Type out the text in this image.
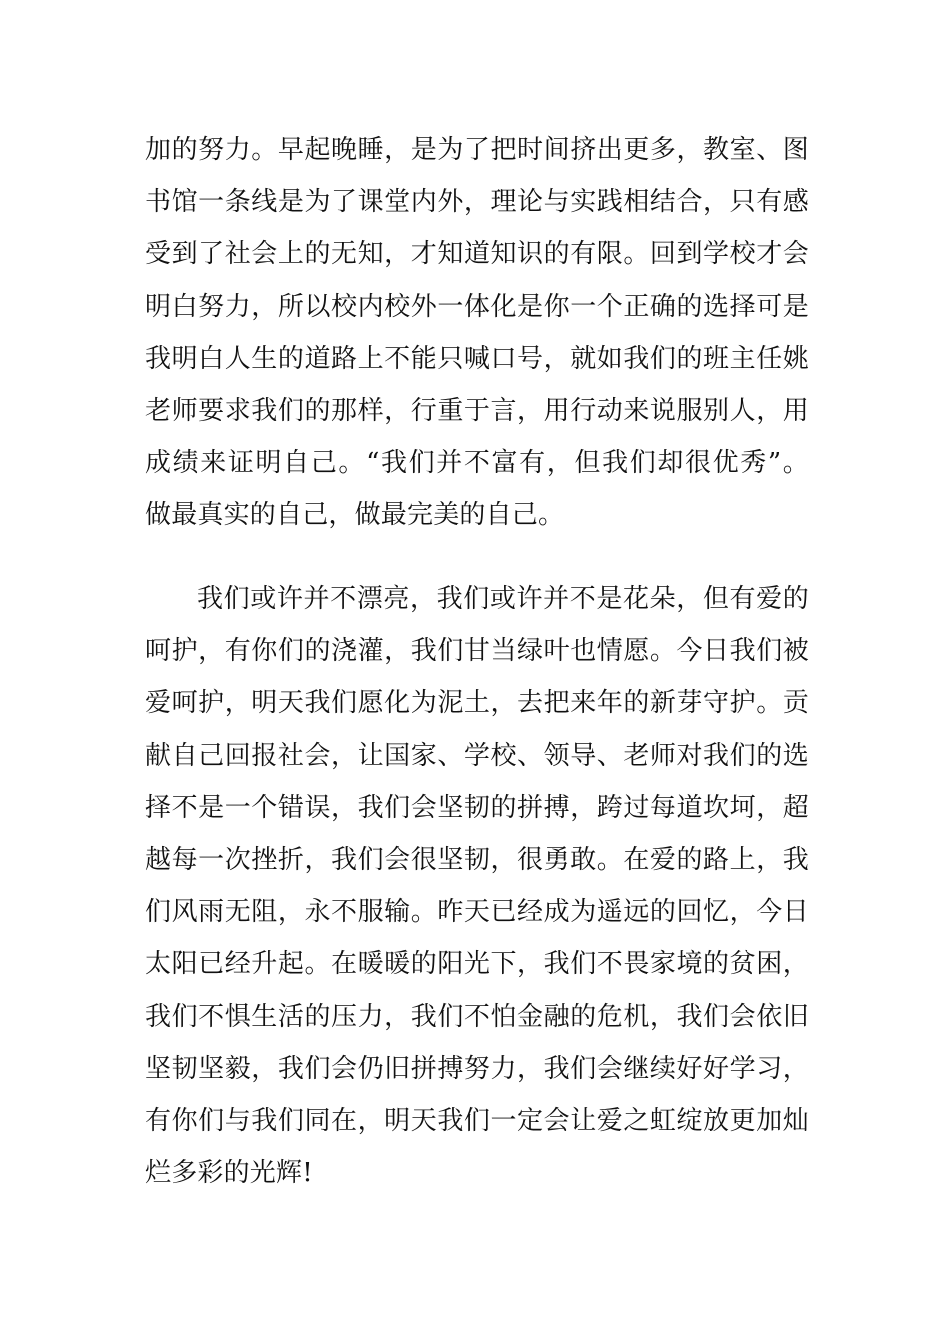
加的努力。早起晚睡，是为了把时间挤出更多，教室、图
书馆一条线是为了课堂内外，理论与实践相结合，只有感
受到了社会上的无知，才知道知识的有限。回到学校才会
明白努力，所以校内校外一体化是你一个正确的选择可是
我明白人生的道路上不能只喊口号，就如我们的班主任姚
老师要求我们的那样，行重于言，用行动来说服别人，用
成绩来证明自己。“我们并不富有，但我们却很优秀”。
做最真实的自己，做最完美的自己。
我们或许并不漂亮，我们或许并不是花朵，但有爱的
呵护，有你们的浇灌，我们甘当绿叶也情愿。今日我们被
爱呵护，明天我们愿化为泥土，去把来年的新芽守护。贡
献自己回报社会，让国家、学校、领导、老师对我们的选
择不是一个错误，我们会坚韧的拼搏，跨过每道坎坷，超
越每一次挫折，我们会很坚韧，很勇敢。在爱的路上，我
们风雨无阻，永不服输。昨天已经成为遥远的回忆，今日
太阳已经升起。在暖暖的阳光下，我们不畏家境的贫困，
我们不惧生活的压力，我们不怕金融的危机，我们会依旧
坚韧坚毅，我们会仍旧拼搏努力，我们会继续好好学习，
有你们与我们同在，明天我们一定会让爱之虹绽放更加灿
烂多彩的光辉!
